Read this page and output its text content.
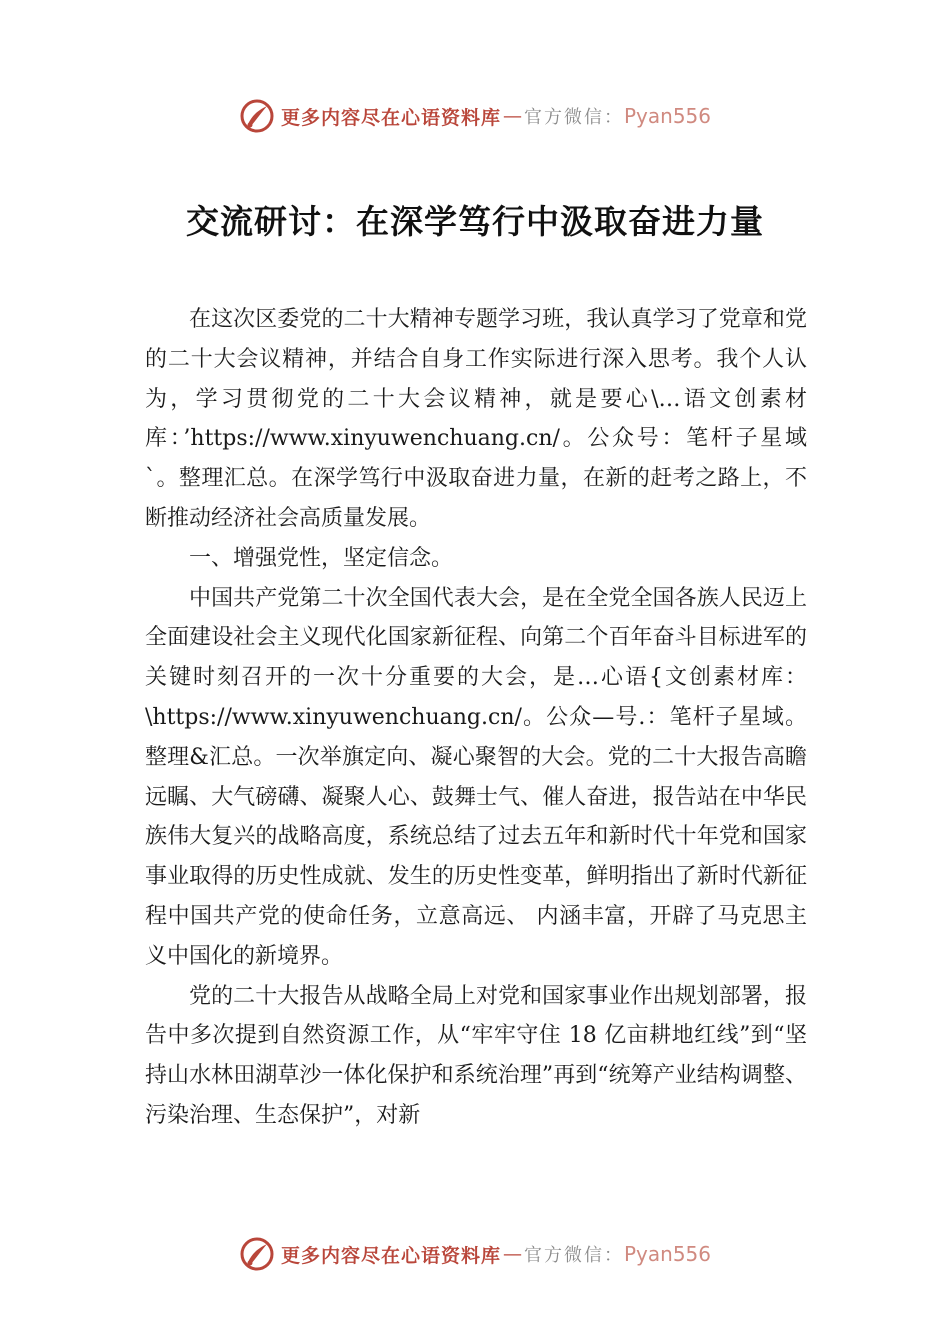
更多内容尽在心语资料库 — 官方微信： Pyan556
交流研讨：在深学笃行中汲取奋进力量

在这次区委党的二十大精神专题学习班，我认真学习了党章和党的二十大会议精神，并结合自身工作实际进行深入思考。我个人认为，学习贯彻党的二十大会议精神，就是要心\…语文创素材库：’https://www.xinyuwenchuang.cn/。公众号：笔杆子星域`。整理汇总。在深学笃行中汲取奋进力量，在新的赶考之路上，不断推动经济社会高质量发展。

一、增强党性，坚定信念。

中国共产党第二十次全国代表大会，是在全党全国各族人民迈上全面建设社会主义现代化国家新征程、向第二个百年奋斗目标进军的关键时刻召开的一次十分重要的大会，是…心语{文创素材库：\https://www.xinyuwenchuang.cn/。公众—号.：笔杆子星域。整理&汇总。一次举旗定向、凝心聚智的大会。党的二十大报告高瞻远瞩、大气磅礴、凝聚人心、鼓舞士气、催人奋进，报告站在中华民族伟大复兴的战略高度，系统总结了过去五年和新时代十年党和国家事业取得的历史性成就、发生的历史性变革，鲜明指出了新时代新征程中国共产党的使命任务，立意高远、 内涵丰富，开辟了马克思主义中国化的新境界。

党的二十大报告从战略全局上对党和国家事业作出规划部署，报告中多次提到自然资源工作，从“牢牢守住 18 亿亩耕地红线”到“坚持山水林田湖草沙一体化保护和系统治理”再到“统筹产业结构调整、污染治理、生态保护”，对新

更多内容尽在心语资料库 — 官方微信： Pyan556
